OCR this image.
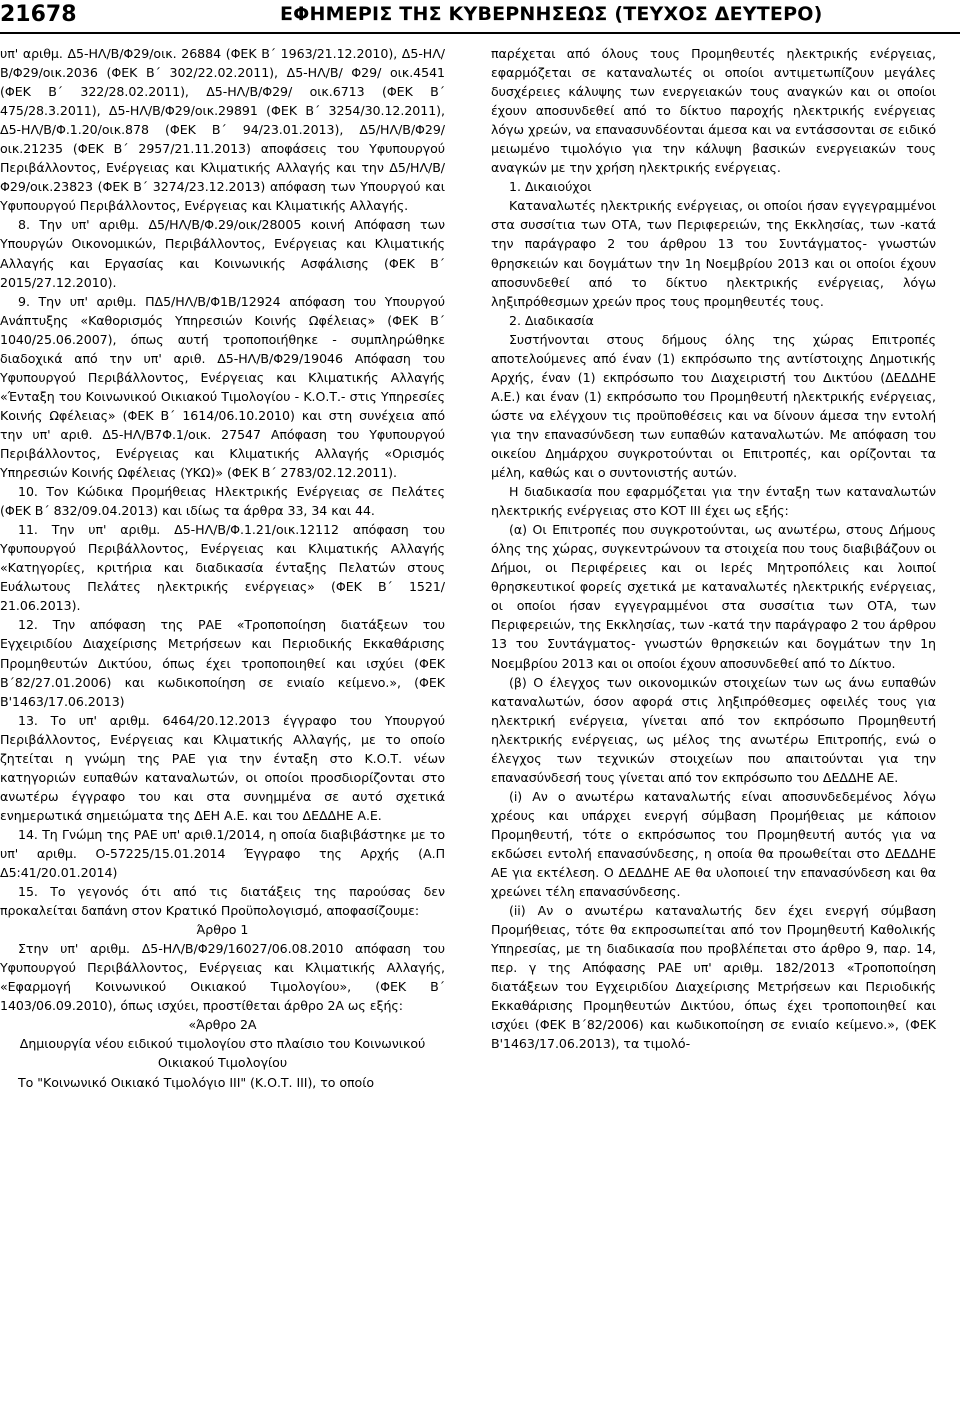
21678	ΕΦΗΜΕΡΙΣ ΤΗΣ ΚΥΒΕΡΝΗΣΕΩΣ (ΤΕΥΧΟΣ ΔΕΥΤΕΡΟ)

υπ' αριθμ. Δ5-ΗΛ/Β/Φ29/οικ. 26884 (ΦΕΚ Β΄ 1963/21.12.2010), Δ5-ΗΛ/Β/Φ29/οικ.2036 (ΦΕΚ Β΄ 302/22.02.2011), Δ5-ΗΛ/Β/ Φ29/ οικ.4541 (ΦΕΚ Β΄ 322/28.02.2011), Δ5-ΗΛ/Β/Φ29/ οικ.6713 (ΦΕΚ Β΄ 475/28.3.2011), Δ5-ΗΛ/Β/Φ29/οικ.29891 (ΦΕΚ Β΄ 3254/30.12.2011), Δ5-ΗΛ/Β/Φ.1.20/οικ.878 (ΦΕΚ Β΄ 94/23.01.2013), Δ5/ΗΛ/Β/Φ29/οικ.21235 (ΦΕΚ Β΄ 2957/21.11.2013) αποφάσεις του Υφυπουργού Περιβάλλοντος, Ενέργειας και Κλιματικής Αλλαγής και την Δ5/ΗΛ/Β/Φ29/οικ.23823 (ΦΕΚ Β΄ 3274/23.12.2013) απόφαση των Υπουργού και Υφυπουργού Περιβάλλοντος, Ενέργειας και Κλιματικής Αλλαγής.

8. Την υπ' αριθμ. Δ5/ΗΛ/Β/Φ.29/οικ/28005 κοινή Απόφαση των Υπουργών Οικονομικών, Περιβάλλοντος, Ενέργειας και Κλιματικής Αλλαγής και Εργασίας και Κοινωνικής Ασφάλισης (ΦΕΚ Β΄ 2015/27.12.2010).

9. Την υπ' αριθμ. ΠΔ5/ΗΛ/Β/Φ1Β/12924 απόφαση του Υπουργού Ανάπτυξης «Καθορισμός Υπηρεσιών Κοινής Ωφέλειας» (ΦΕΚ Β΄ 1040/25.06.2007), όπως αυτή τροποποιήθηκε - συμπληρώθηκε διαδοχικά από την υπ' αριθ. Δ5-ΗΛ/Β/Φ29/19046 Απόφαση του Υφυπουργού Περιβάλλοντος, Ενέργειας και Κλιματικής Αλλαγής «Ένταξη του Κοινωνικού Οικιακού Τιμολογίου - Κ.Ο.Τ.- στις Υπηρεσίες Κοινής Ωφέλειας» (ΦΕΚ Β΄ 1614/06.10.2010) και στη συνέχεια από την υπ' αριθ. Δ5-ΗΛ/Β7Φ.1/οικ. 27547 Απόφαση του Υφυπουργού Περιβάλλοντος, Ενέργειας και Κλιματικής Αλλαγής «Ορισμός Υπηρεσιών Κοινής Ωφέλειας (ΥΚΩ)» (ΦΕΚ Β΄ 2783/02.12.2011).

10. Τον Κώδικα Προμήθειας Ηλεκτρικής Ενέργειας σε Πελάτες (ΦΕΚ Β΄ 832/09.04.2013) και ιδίως τα άρθρα 33, 34 και 44.

11. Την υπ' αριθμ. Δ5-ΗΛ/Β/Φ.1.21/οικ.12112 απόφαση του Υφυπουργού Περιβάλλοντος, Ενέργειας και Κλιματικής Αλλαγής «Κατηγορίες, κριτήρια και διαδικασία ένταξης Πελατών στους Ευάλωτους Πελάτες ηλεκτρικής ενέργειας» (ΦΕΚ Β΄ 1521/ 21.06.2013).

12. Την απόφαση της ΡΑΕ «Τροποποίηση διατάξεων του Εγχειριδίου Διαχείρισης Μετρήσεων και Περιοδικής Εκκαθάρισης Προμηθευτών Δικτύου, όπως έχει τροποποιηθεί και ισχύει (ΦΕΚ Β΄82/27.01.2006) και κωδικοποίηση σε ενιαίο κείμενο.», (ΦΕΚ Β'1463/17.06.2013)

13. Το υπ' αριθμ. 6464/20.12.2013 έγγραφο του Υπουργού Περιβάλλοντος, Ενέργειας και Κλιματικής Αλλαγής, με το οποίο ζητείται η γνώμη της ΡΑΕ για την ένταξη στο Κ.Ο.Τ. νέων κατηγοριών ευπαθών καταναλωτών, οι οποίοι προσδιορίζονται στο ανωτέρω έγγραφο του και στα συνημμένα σε αυτό σχετικά ενημερωτικά σημειώματα της ΔΕΗ Α.Ε. και του ΔΕΔΔΗΕ Α.Ε.

14. Τη Γνώμη της ΡΑΕ υπ' αριθ.1/2014, η οποία διαβιβάστηκε με το υπ' αριθμ. Ο-57225/15.01.2014 Έγγραφο της Αρχής (Α.Π Δ5:41/20.01.2014)

15. Το γεγονός ότι από τις διατάξεις της παρούσας δεν προκαλείται δαπάνη στον Κρατικό Προϋπολογισμό, αποφασίζουμε:

Άρθρο 1

Στην υπ' αριθμ. Δ5-ΗΛ/Β/Φ29/16027/06.08.2010 απόφαση του Υφυπουργού Περιβάλλοντος, Ενέργειας και Κλιματικής Αλλαγής, «Εφαρμογή Κοινωνικού Οικιακού Τιμολογίου», (ΦΕΚ Β΄ 1403/06.09.2010), όπως ισχύει, προστίθεται άρθρο 2Α ως εξής:

«Άρθρο 2Α

Δημιουργία νέου ειδικού τιμολογίου στο πλαίσιο του Κοινωνικού Οικιακού Τιμολογίου

Το "Κοινωνικό Οικιακό Τιμολόγιο III" (Κ.Ο.Τ. ΙΙΙ), το οποίο

παρέχεται από όλους τους Προμηθευτές ηλεκτρικής ενέργειας, εφαρμόζεται σε καταναλωτές οι οποίοι αντιμετωπίζουν μεγάλες δυσχέρειες κάλυψης των ενεργειακών τους αναγκών και οι οποίοι έχουν αποσυνδεθεί από το δίκτυο παροχής ηλεκτρικής ενέργειας λόγω χρεών, να επανασυνδέονται άμεσα και να εντάσσονται σε ειδικό μειωμένο τιμολόγιο για την κάλυψη βασικών ενεργειακών τους αναγκών με την χρήση ηλεκτρικής ενέργειας.

1. Δικαιούχοι

Καταναλωτές ηλεκτρικής ενέργειας, οι οποίοι ήσαν εγγεγραμμένοι στα συσσίτια των ΟΤΑ, των Περιφερειών, της Εκκλησίας, των -κατά την παράγραφο 2 του άρθρου 13 του Συντάγματος- γνωστών θρησκειών και δογμάτων την 1η Νοεμβρίου 2013 και οι οποίοι έχουν αποσυνδεθεί από το δίκτυο ηλεκτρικής ενέργειας, λόγω ληξιπρόθεσμων χρεών προς τους προμηθευτές τους.

2. Διαδικασία

Συστήνονται στους δήμους όλης της χώρας Επιτροπές αποτελούμενες από έναν (1) εκπρόσωπο της αντίστοιχης Δημοτικής Αρχής, έναν (1) εκπρόσωπο του Διαχειριστή του Δικτύου (ΔΕΔΔΗΕ Α.Ε.) και έναν (1) εκπρόσωπο του Προμηθευτή ηλεκτρικής ενέργειας, ώστε να ελέγχουν τις προϋποθέσεις και να δίνουν άμεσα την εντολή για την επανασύνδεση των ευπαθών καταναλωτών. Με απόφαση του οικείου Δημάρχου συγκροτούνται οι Επιτροπές, και ορίζονται τα μέλη, καθώς και ο συντονιστής αυτών.

Η διαδικασία που εφαρμόζεται για την ένταξη των καταναλωτών ηλεκτρικής ενέργειας στο ΚΟΤ ΙΙΙ έχει ως εξής:

(α) Οι Επιτροπές που συγκροτούνται, ως ανωτέρω, στους Δήμους όλης της χώρας, συγκεντρώνουν τα στοιχεία που τους διαβιβάζουν οι Δήμοι, οι Περιφέρειες και οι Ιερές Μητροπόλεις και λοιποί θρησκευτικοί φορείς σχετικά με καταναλωτές ηλεκτρικής ενέργειας, οι οποίοι ήσαν εγγεγραμμένοι στα συσσίτια των ΟΤΑ, των Περιφερειών, της Εκκλησίας, των -κατά την παράγραφο 2 του άρθρου 13 του Συντάγματος- γνωστών θρησκειών και δογμάτων την 1η Νοεμβρίου 2013 και οι οποίοι έχουν αποσυνδεθεί από το Δίκτυο.

(β) Ο έλεγχος των οικονομικών στοιχείων των ως άνω ευπαθών καταναλωτών, όσον αφορά στις ληξιπρόθεσμες οφειλές τους για ηλεκτρική ενέργεια, γίνεται από τον εκπρόσωπο Προμηθευτή ηλεκτρικής ενέργειας, ως μέλος της ανωτέρω Επιτροπής, ενώ ο έλεγχος των τεχνικών στοιχείων που απαιτούνται για την επανασύνδεσή τους γίνεται από τον εκπρόσωπο του ΔΕΔΔΗΕ ΑΕ.

(i) Αν ο ανωτέρω καταναλωτής είναι αποσυνδεδεμένος λόγω χρέους και υπάρχει ενεργή σύμβαση Προμήθειας με κάποιον Προμηθευτή, τότε ο εκπρόσωπος του Προμηθευτή αυτός για να εκδώσει εντολή επανασύνδεσης, η οποία θα προωθείται στο ΔΕΔΔΗΕ ΑΕ για εκτέλεση. Ο ΔΕΔΔΗΕ ΑΕ θα υλοποιεί την επανασύνδεση και θα χρεώνει τέλη επανασύνδεσης.

(ii) Αν ο ανωτέρω καταναλωτής δεν έχει ενεργή σύμβαση Προμήθειας, τότε θα εκπροσωπείται από τον Προμηθευτή Καθολικής Υπηρεσίας, με τη διαδικασία που προβλέπεται στο άρθρο 9, παρ. 14, περ. γ της Απόφασης ΡΑΕ υπ' αριθμ. 182/2013 «Τροποποίηση διατάξεων του Εγχειριδίου Διαχείρισης Μετρήσεων και Περιοδικής Εκκαθάρισης Προμηθευτών Δικτύου, όπως έχει τροποποιηθεί και ισχύει (ΦΕΚ Β΄82/2006) και κωδικοποίηση σε ενιαίο κείμενο.», (ΦΕΚ Β'1463/17.06.2013), τα τιμολό-
